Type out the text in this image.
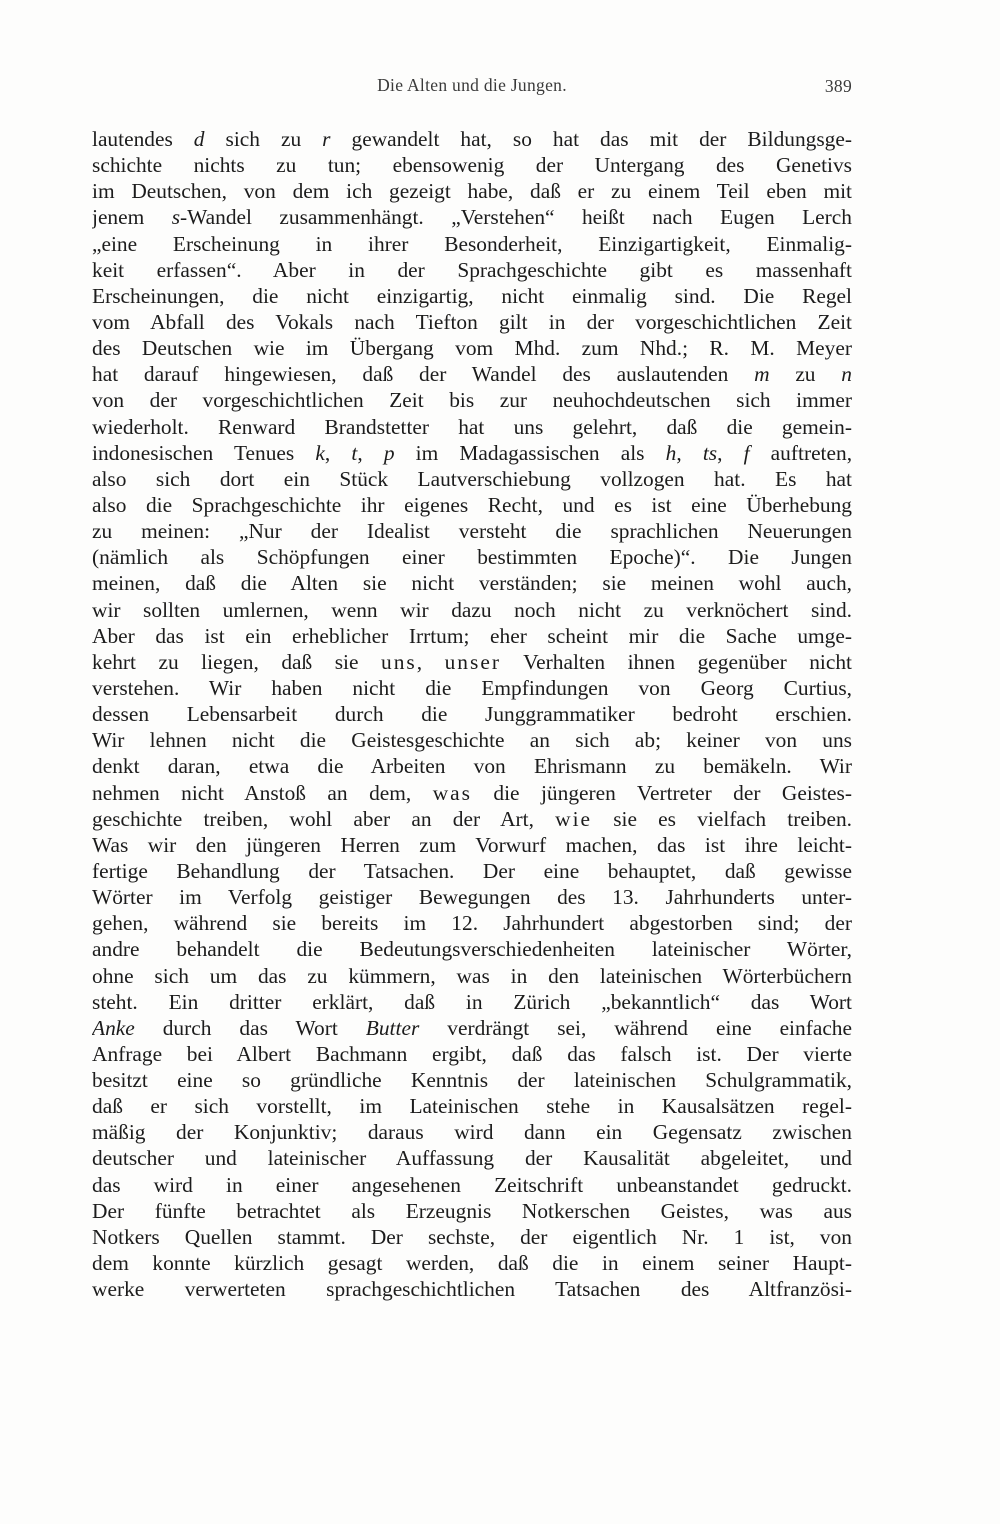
Die Alten und die Jungen.	389
lautendes d sich zu r gewandelt hat, so hat das mit der Bildungsge-
schichte nichts zu tun; ebensowenig der Untergang des Genetivs
im Deutschen, von dem ich gezeigt habe, daß er zu einem Teil eben mit
jenem s-Wandel zusammenhängt. „Verstehen“ heißt nach Eugen Lerch
„eine Erscheinung in ihrer Besonderheit, Einzigartigkeit, Einmalig-
keit erfassen“. Aber in der Sprachgeschichte gibt es massenhaft
Erscheinungen, die nicht einzigartig, nicht einmalig sind. Die Regel
vom Abfall des Vokals nach Tiefton gilt in der vorgeschichtlichen Zeit
des Deutschen wie im Übergang vom Mhd. zum Nhd.; R. M. Meyer
hat darauf hingewiesen, daß der Wandel des auslautenden m zu n
von der vorgeschichtlichen Zeit bis zur neuhochdeutschen sich immer
wiederholt. Renward Brandstetter hat uns gelehrt, daß die gemein-
indonesischen Tenues k, t, p im Madagassischen als h, ts, f auftreten,
also sich dort ein Stück Lautverschiebung vollzogen hat. Es hat
also die Sprachgeschichte ihr eigenes Recht, und es ist eine Überhebung
zu meinen: „Nur der Idealist versteht die sprachlichen Neuerungen
(nämlich als Schöpfungen einer bestimmten Epoche)“. Die Jungen
meinen, daß die Alten sie nicht verständen; sie meinen wohl auch,
wir sollten umlernen, wenn wir dazu noch nicht zu verknöchert sind.
Aber das ist ein erheblicher Irrtum; eher scheint mir die Sache umge-
kehrt zu liegen, daß sie uns, unser Verhalten ihnen gegenüber nicht
verstehen. Wir haben nicht die Empfindungen von Georg Curtius,
dessen Lebensarbeit durch die Junggrammatiker bedroht erschien.
Wir lehnen nicht die Geistesgeschichte an sich ab; keiner von uns
denkt daran, etwa die Arbeiten von Ehrismann zu bemäkeln. Wir
nehmen nicht Anstoß an dem, was die jüngeren Vertreter der Geistes-
geschichte treiben, wohl aber an der Art, wie sie es vielfach treiben.
Was wir den jüngeren Herren zum Vorwurf machen, das ist ihre leicht-
fertige Behandlung der Tatsachen. Der eine behauptet, daß gewisse
Wörter im Verfolg geistiger Bewegungen des 13. Jahrhunderts unter-
gehen, während sie bereits im 12. Jahrhundert abgestorben sind; der
andre behandelt die Bedeutungsverschiedenheiten lateinischer Wörter,
ohne sich um das zu kümmern, was in den lateinischen Wörterbüchern
steht. Ein dritter erklärt, daß in Zürich „bekanntlich“ das Wort
Anke durch das Wort Butter verdrängt sei, während eine einfache
Anfrage bei Albert Bachmann ergibt, daß das falsch ist. Der vierte
besitzt eine so gründliche Kenntnis der lateinischen Schulgrammatik,
daß er sich vorstellt, im Lateinischen stehe in Kausalsätzen regel-
mäßig der Konjunktiv; daraus wird dann ein Gegensatz zwischen
deutscher und lateinischer Auffassung der Kausalität abgeleitet, und
das wird in einer angesehenen Zeitschrift unbeanstandet gedruckt.
Der fünfte betrachtet als Erzeugnis Notkerschen Geistes, was aus
Notkers Quellen stammt. Der sechste, der eigentlich Nr. 1 ist, von
dem konnte kürzlich gesagt werden, daß die in einem seiner Haupt-
werke verwerteten sprachgeschichtlichen Tatsachen des Altfranzösi-
